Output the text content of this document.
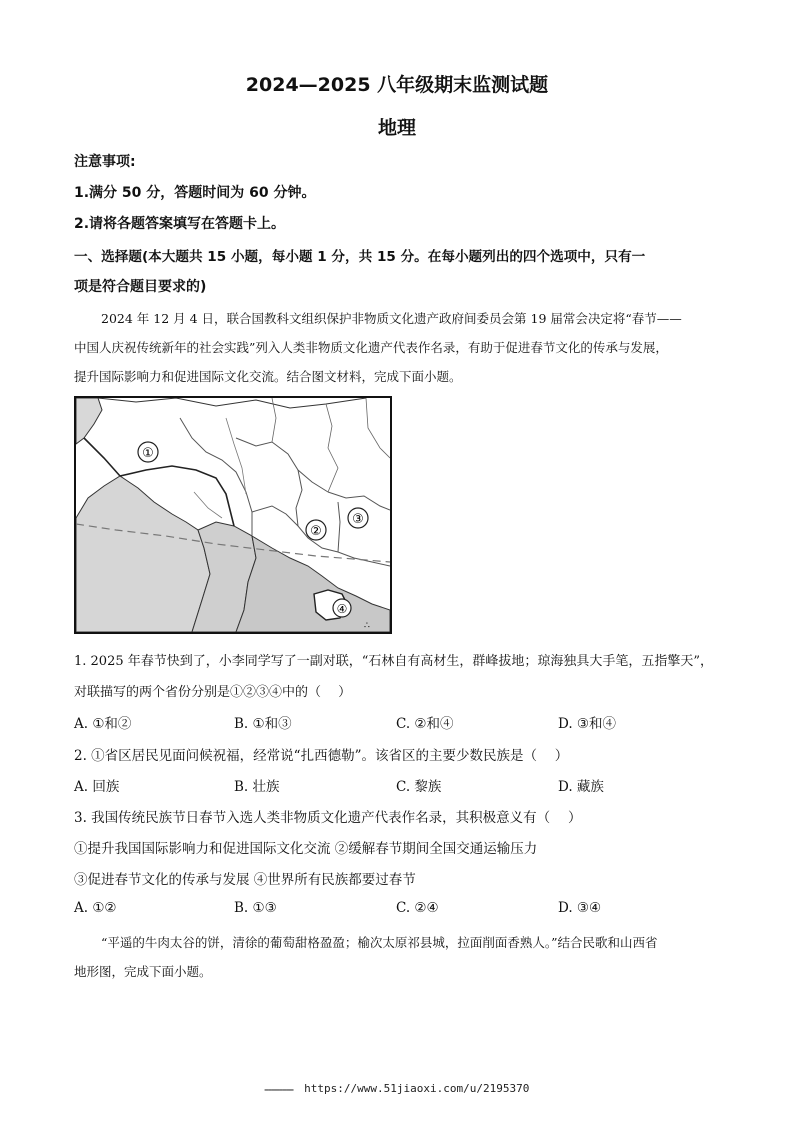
2024—2025 八年级期末监测试题
地理
注意事项:
1.满分 50 分，答题时间为 60 分钟。
2.请将各题答案填写在答题卡上。
一、选择题(本大题共 15 小题，每小题 1 分，共 15 分。在每小题列出的四个选项中，只有一
项是符合题目要求的)
2024 年 12 月 4 日，联合国教科文组织保护非物质文化遗产政府间委员会第 19 届常会决定将“春节——
中国人庆祝传统新年的社会实践”列入人类非物质文化遗产代表作名录，有助于促进春节文化的传承与发展，
提升国际影响力和促进国际文化交流。结合图文材料，完成下面小题。
①
②
③
④
∴
1. 2025 年春节快到了，小李同学写了一副对联，“石林自有高材生，群峰拔地；琼海独具大手笔，五指擎天”，
对联描写的两个省份分别是①②③④中的（　 ）
A. ①和②	B. ①和③	C. ②和④	D. ③和④
2. ①省区居民见面问候祝福，经常说“扎西德勒”。该省区的主要少数民族是（　 ）
A. 回族	B. 壮族	C. 黎族	D. 藏族
3. 我国传统民族节日春节入选人类非物质文化遗产代表作名录，其积极意义有（　 ）
①提升我国国际影响力和促进国际文化交流 ②缓解春节期间全国交通运输压力
③促进春节文化的传承与发展 ④世界所有民族都要过春节
A. ①②	B. ①③	C. ②④	D. ③④
“平遥的牛肉太谷的饼，清徐的葡萄甜格盈盈；榆次太原祁县城，拉面削面香熟人。”结合民歌和山西省
地形图，完成下面小题。
━━━━━━━━ https://www.51jiaoxi.com/u/2195370
